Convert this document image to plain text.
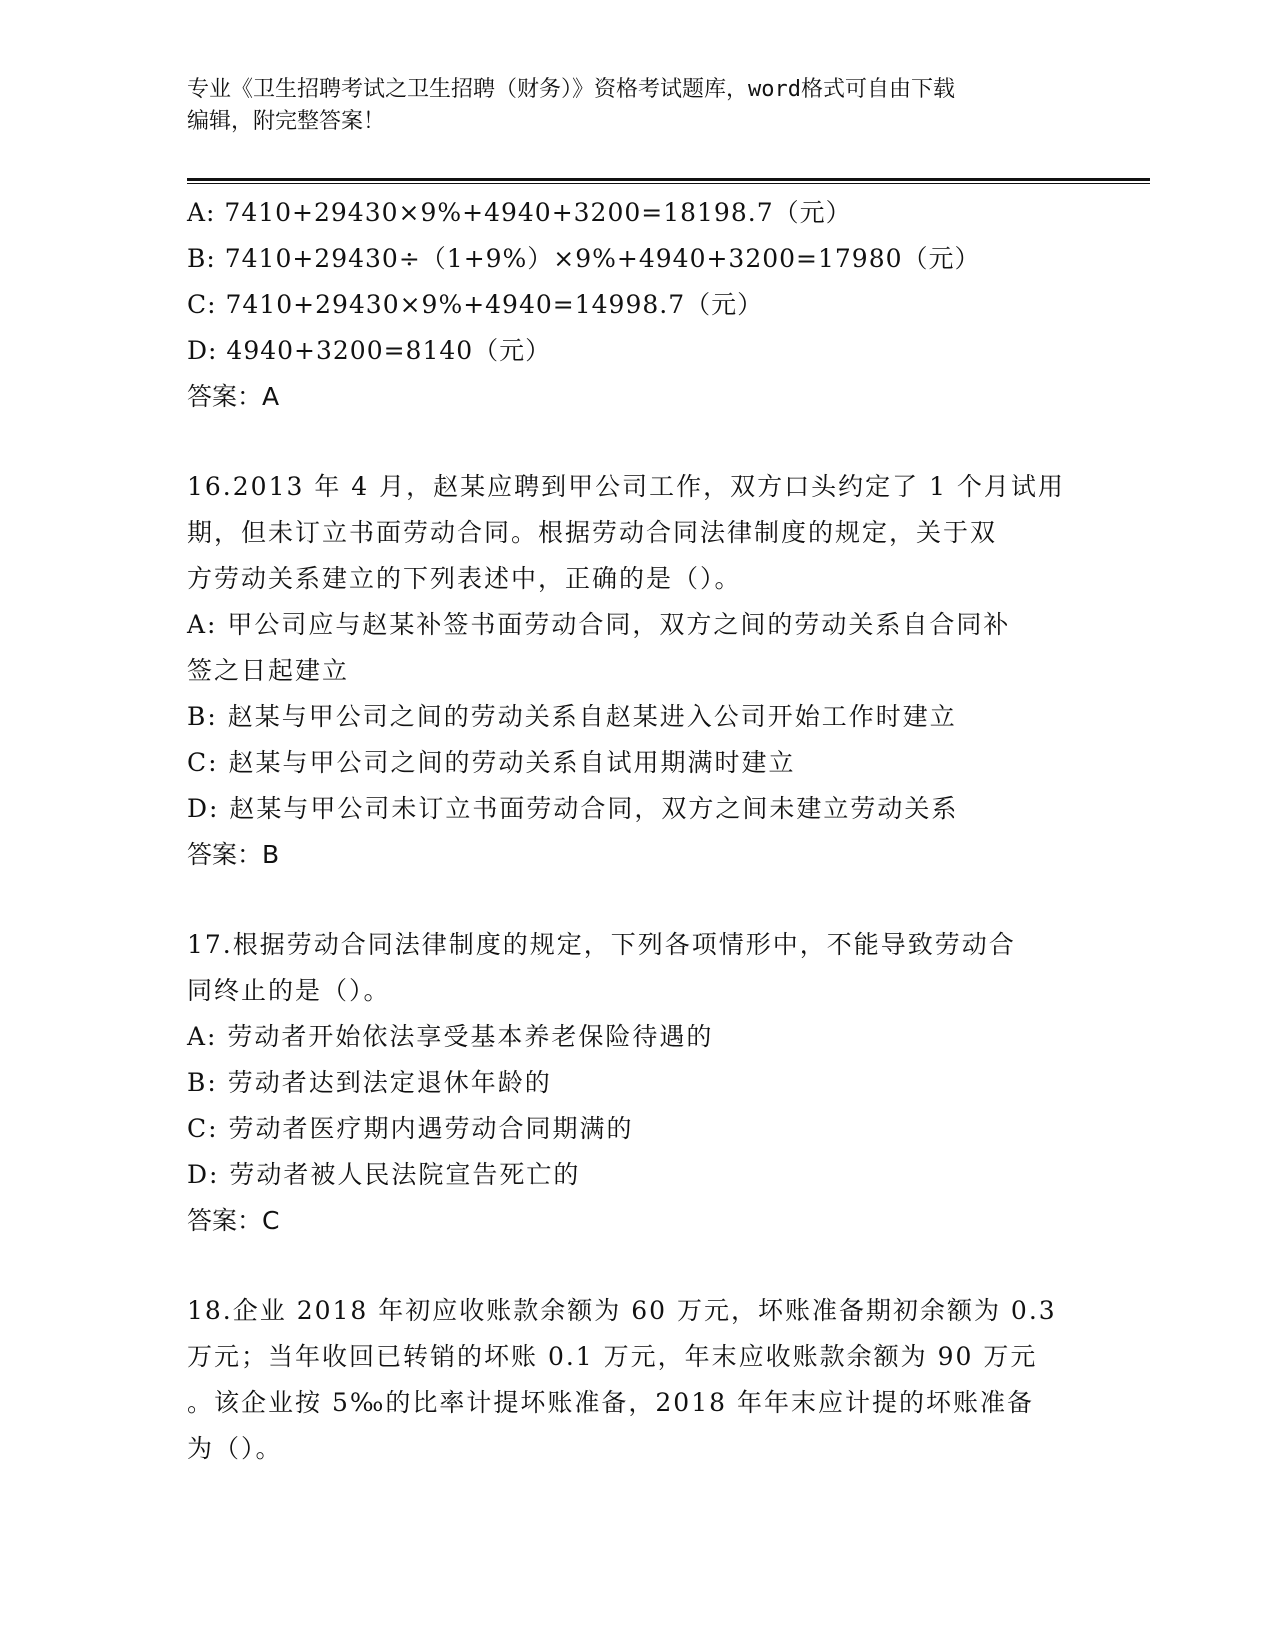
专业《卫生招聘考试之卫生招聘（财务）》资格考试题库，word格式可自由下载
编辑，附完整答案！
A: 7410+29430×9%+4940+3200=18198.7（元）
B: 7410+29430÷（1+9%）×9%+4940+3200=17980（元）
C: 7410+29430×9%+4940=14998.7（元）
D: 4940+3200=8140（元）
答案：A
16.2013 年 4 月，赵某应聘到甲公司工作，双方口头约定了 1 个月试用
期，但未订立书面劳动合同。根据劳动合同法律制度的规定，关于双
方劳动关系建立的下列表述中，正确的是（）。
A: 甲公司应与赵某补签书面劳动合同，双方之间的劳动关系自合同补
签之日起建立
B: 赵某与甲公司之间的劳动关系自赵某进入公司开始工作时建立
C: 赵某与甲公司之间的劳动关系自试用期满时建立
D: 赵某与甲公司未订立书面劳动合同，双方之间未建立劳动关系
答案：B
17.根据劳动合同法律制度的规定，下列各项情形中，不能导致劳动合
同终止的是（）。
A: 劳动者开始依法享受基本养老保险待遇的
B: 劳动者达到法定退休年龄的
C: 劳动者医疗期内遇劳动合同期满的
D: 劳动者被人民法院宣告死亡的
答案：C
18.企业 2018 年初应收账款余额为 60 万元，坏账准备期初余额为 0.3
万元；当年收回已转销的坏账 0.1 万元，年末应收账款余额为 90 万元
。该企业按 5‰的比率计提坏账准备，2018 年年末应计提的坏账准备
为（）。
